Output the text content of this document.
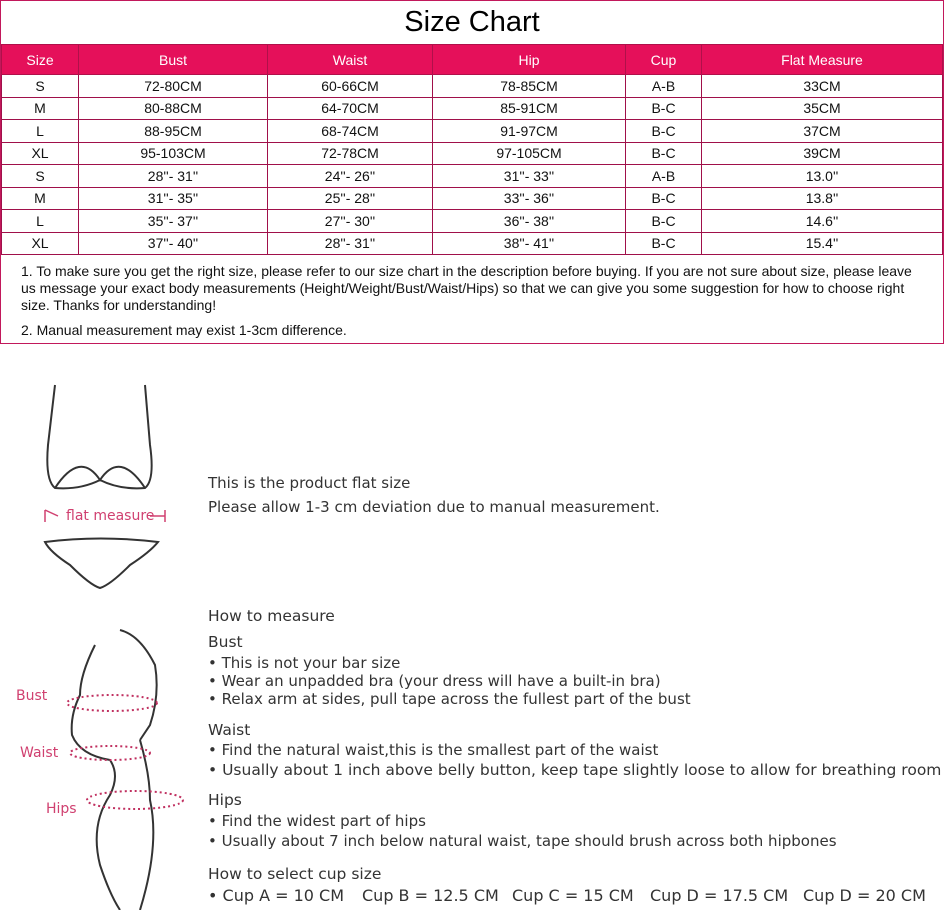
Size Chart
Size	Bust	Waist	Hip	Cup	Flat Measure
S	72-80CM	60-66CM	78-85CM	A-B	33CM
M	80-88CM	64-70CM	85-91CM	B-C	35CM
L	88-95CM	68-74CM	91-97CM	B-C	37CM
XL	95-103CM	72-78CM	97-105CM	B-C	39CM
S	28''- 31''	24''- 26''	31''- 33''	A-B	13.0''
M	31''- 35''	25''- 28''	33''- 36''	B-C	13.8''
L	35''- 37''	27''- 30''	36''- 38''	B-C	14.6''
XL	37''- 40''	28''- 31''	38''- 41''	B-C	15.4''

1. To make sure you get the right size, please refer to our size chart in the description before buying. If you are not sure about size, please leave us message your exact body measurements (Height/Weight/Bust/Waist/Hips) so that we can give you some suggestion for how to choose right size. Thanks for understanding!

2. Manual measurement may exist 1-3cm difference.

flat measure
This is the product flat size
Please allow 1-3 cm deviation due to manual measurement.
Bust
Waist
Hips
How to measure
Bust
• This is not your bar size
• Wear an unpadded bra (your dress will have a built-in bra)
• Relax arm at sides, pull tape across the fullest part of the bust
Waist
• Find the natural waist,this is the smallest part of the waist
• Usually about 1 inch above belly button, keep tape slightly loose to allow for breathing room
Hips
• Find the widest part of hips
• Usually about 7 inch below natural waist, tape should brush across both hipbones
How to select cup size
• Cup A = 10 CM Cup B = 12.5 CM Cup C = 15 CM Cup D = 17.5 CM Cup D = 20 CM
